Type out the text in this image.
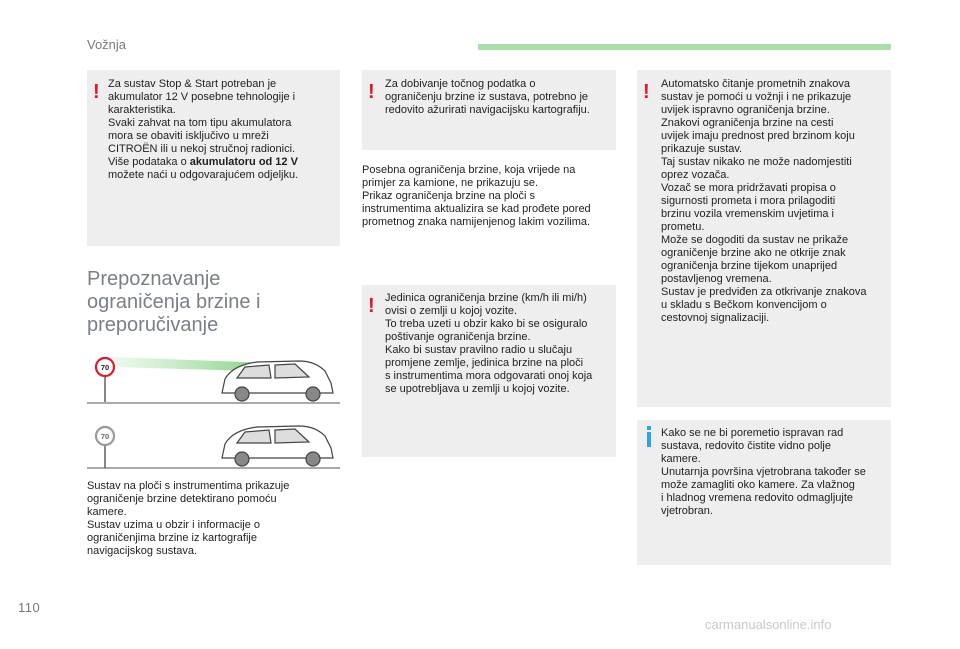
Vožnja
! Za sustav Stop & Start potreban je

akumulator 12 V posebne tehnologije i

karakteristika.

Svaki zahvat na tom tipu akumulatora

mora se obaviti isključivo u mreži

CITROËN ili u nekoj stručnoj radionici.

Više podataka o akumulatoru od 12 V

možete naći u odgovarajućem odjeljku.

Prepoznavanje
ograničenja brzine i
preporučivanje
70
70

Sustav na ploči s instrumentima prikazuje

ograničenje brzine detektirano pomoću

kamere.

Sustav uzima u obzir i informacije o

ograničenjima brzine iz kartografije

navigacijskog sustava.

! Za dobivanje točnog podatka o

ograničenju brzine iz sustava, potrebno je

redovito ažurirati navigacijsku kartografiju.

Posebna ograničenja brzine, koja vrijede na

primjer za kamione, ne prikazuju se.

Prikaz ograničenja brzine na ploči s

instrumentima aktualizira se kad prođete pored

prometnog znaka namijenjenog lakim vozilima.

! Jedinica ograničenja brzine (km/h ili mi/h)

ovisi o zemlji u kojoj vozite.

To treba uzeti u obzir kako bi se osiguralo

poštivanje ograničenja brzine.

Kako bi sustav pravilno radio u slučaju

promjene zemlje, jedinica brzine na ploči

s instrumentima mora odgovarati onoj koja

se upotrebljava u zemlji u kojoj vozite.

! Automatsko čitanje prometnih znakova

sustav je pomoći u vožnji i ne prikazuje

uvijek ispravno ograničenja brzine.

Znakovi ograničenja brzine na cesti

uvijek imaju prednost pred brzinom koju

prikazuje sustav.

Taj sustav nikako ne može nadomjestiti

oprez vozača.

Vozač se mora pridržavati propisa o

sigurnosti prometa i mora prilagoditi

brzinu vozila vremenskim uvjetima i

prometu.

Može se dogoditi da sustav ne prikaže

ograničenje brzine ako ne otkrije znak

ograničenja brzine tijekom unaprijed

postavljenog vremena.

Sustav je predviđen za otkrivanje znakova

u skladu s Bečkom konvencijom o

cestovnoj signalizaciji.

Kako se ne bi poremetio ispravan rad

sustava, redovito čistite vidno polje

kamere.

Unutarnja površina vjetrobrana također se

može zamagliti oko kamere. Za vlažnog

i hladnog vremena redovito odmagljujte

vjetrobran.

110
carmanualsonline.info
